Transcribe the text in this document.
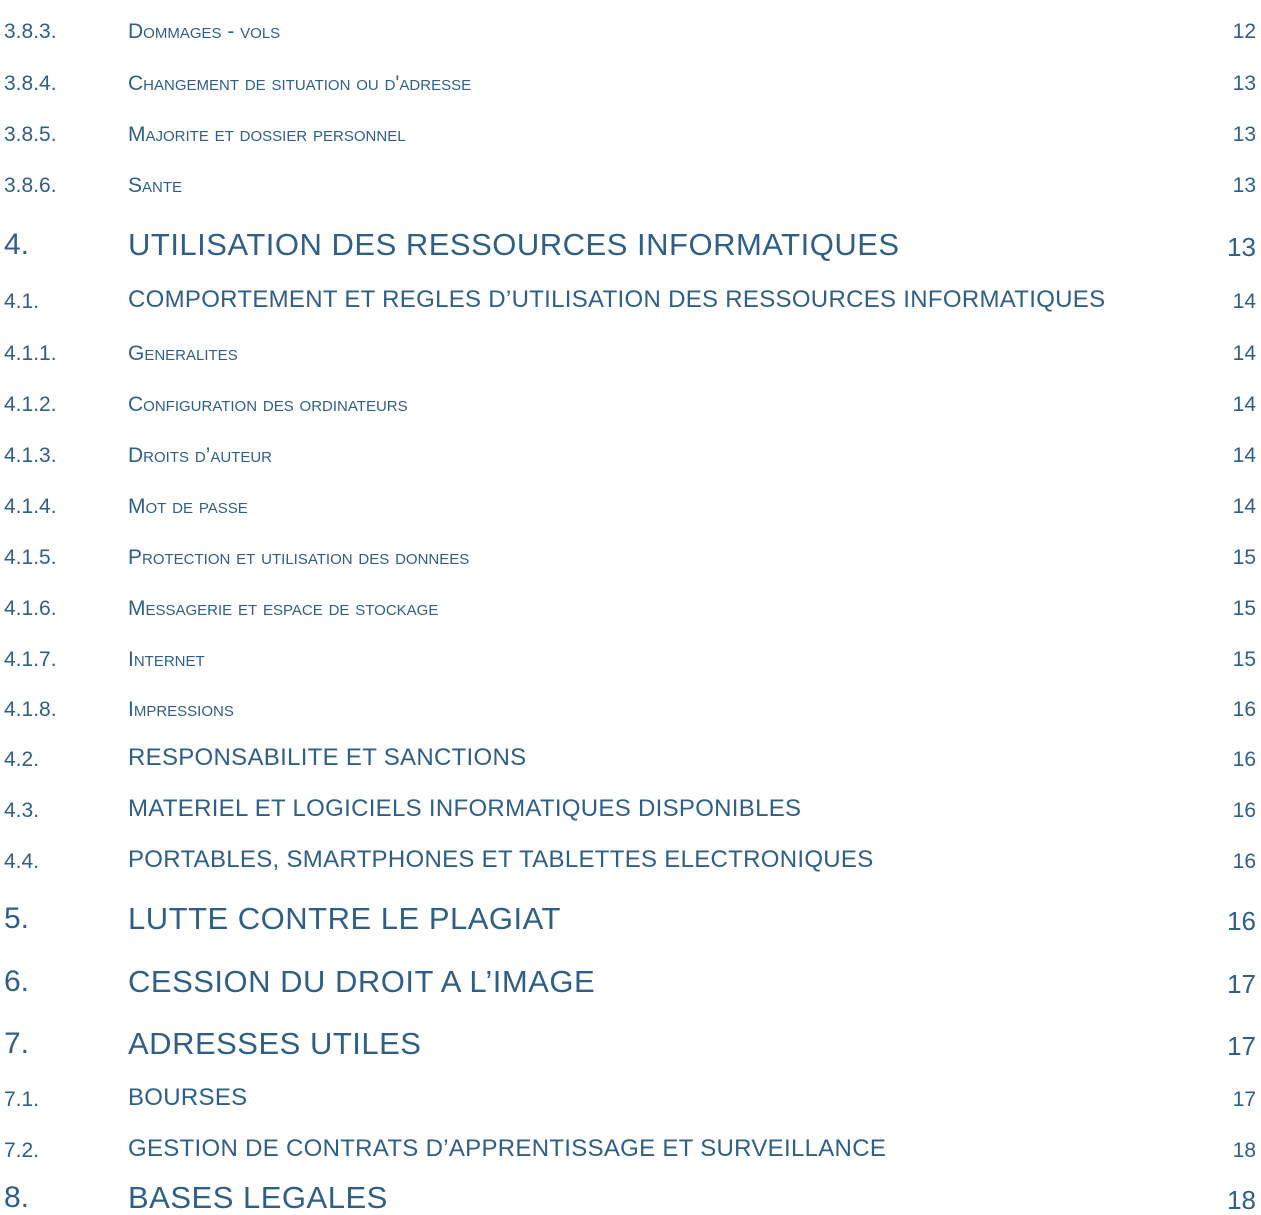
3.8.3.	Dommages - vols	12
3.8.4.	Changement de situation ou d'adresse	13
3.8.5.	Majorite et dossier personnel	13
3.8.6.	Sante	13
4.	UTILISATION DES RESSOURCES INFORMATIQUES	13
4.1.	COMPORTEMENT ET REGLES D’UTILISATION DES RESSOURCES INFORMATIQUES	14
4.1.1.	Generalites	14
4.1.2.	Configuration des ordinateurs	14
4.1.3.	Droits d’auteur	14
4.1.4.	Mot de passe	14
4.1.5.	Protection et utilisation des donnees	15
4.1.6.	Messagerie et espace de stockage	15
4.1.7.	Internet	15
4.1.8.	Impressions	16
4.2.	RESPONSABILITE ET SANCTIONS	16
4.3.	MATERIEL ET LOGICIELS INFORMATIQUES DISPONIBLES	16
4.4.	PORTABLES, SMARTPHONES ET TABLETTES ELECTRONIQUES	16
5.	LUTTE CONTRE LE PLAGIAT	16
6.	CESSION DU DROIT A L’IMAGE	17
7.	ADRESSES UTILES	17
7.1.	BOURSES	17
7.2.	GESTION DE CONTRATS D’APPRENTISSAGE ET SURVEILLANCE	18
8.	BASES LEGALES	18
